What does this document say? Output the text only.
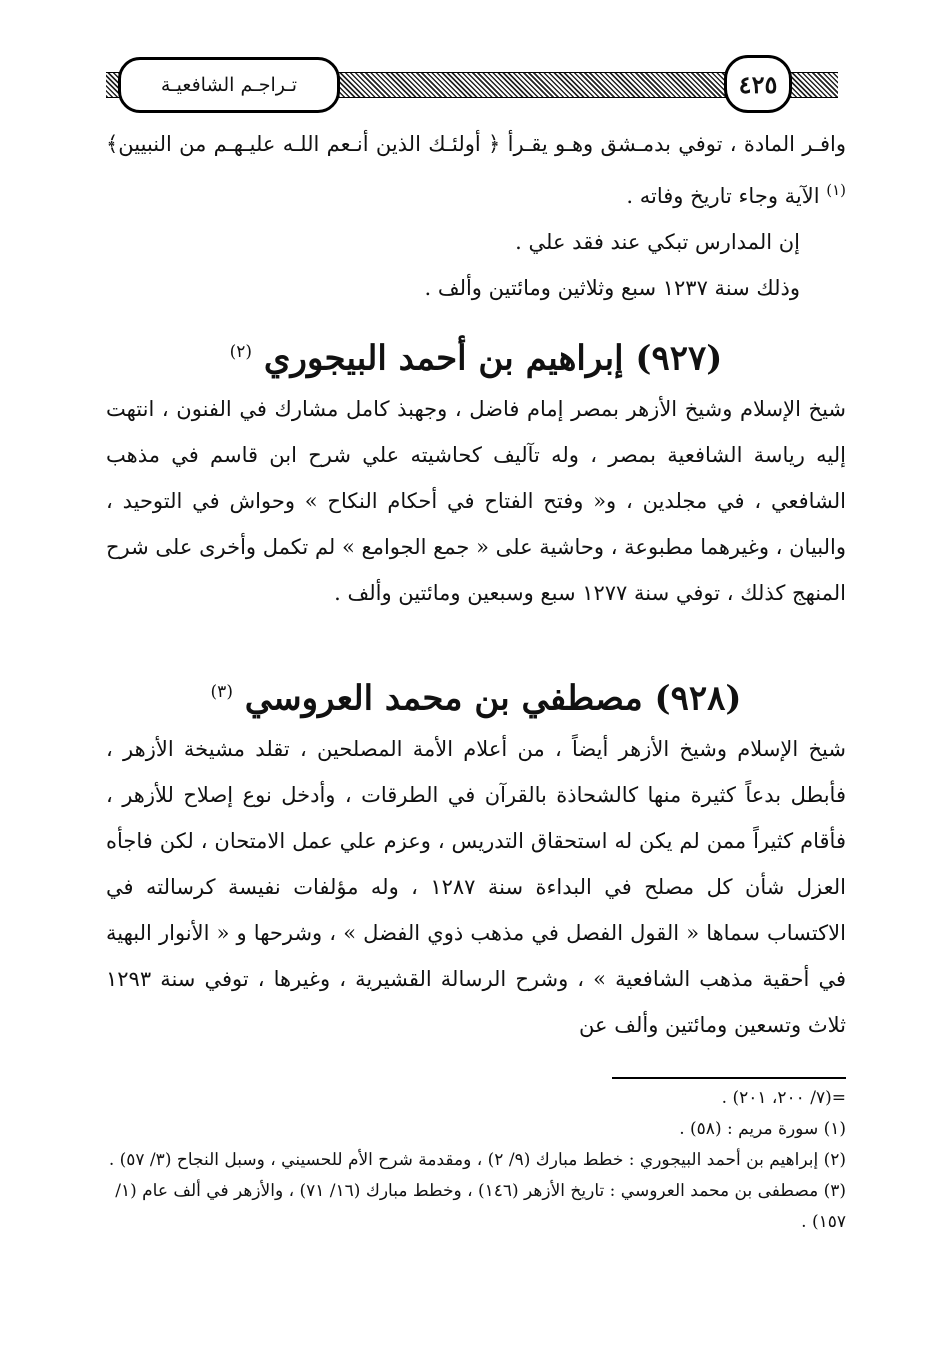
تـراجـم الشافعيـة	٤٢٥

وافـر المادة ، توفي بدمـشق وهـو يقـرأ ﴿ أولئـك الذين أنـعم اللـه عليـهـم من النبيين﴾$^{(١)}$ الآية وجاء تاريخ وفاته .

إن المدارس تبكي عند فقد علي .

وذلك سنة ١٢٣٧ سبع وثلاثين ومائتين وألف .

(٩٢٧) إبراهيم بن أحمد البيجوري $^{(٢)}$

شيخ الإسلام وشيخ الأزهر بمصر إمام فاضل ، وجهبذ كامل مشارك في الفنون ، انتهت إليه رياسة الشافعية بمصر ، وله تآليف كحاشيته علي شرح ابن قاسم في مذهب الشافعي ، في مجلدين ، و« وفتح الفتاح في أحكام النكاح » وحواش في التوحيد ، والبيان ، وغيرهما مطبوعة ، وحاشية على « جمع الجوامع » لم تكمل وأخرى على شرح المنهج كذلك ، توفي سنة ١٢٧٧ سبع وسبعين ومائتين وألف .

(٩٢٨) مصطفي بن محمد العروسي $^{(٣)}$

شيخ الإسلام وشيخ الأزهر أيضاً ، من أعلام الأمة المصلحين ، تقلد مشيخة الأزهر ، فأبطل بدعاً كثيرة منها كالشحاذة بالقرآن في الطرقات ، وأدخل نوع إصلاح للأزهر ، فأقام كثيراً ممن لم يكن له استحقاق التدريس ، وعزم علي عمل الامتحان ، لكن فاجأه العزل شأن كل مصلح في البداءة سنة ١٢٨٧ ، وله مؤلفات نفيسة كرسالته في الاكتساب سماها « القول الفصل في مذهب ذوي الفضل » ، وشرحها و « الأنوار البهية في أحقية مذهب الشافعية » ، وشرح الرسالة القشيرية ، وغيرها ، توفي سنة ١٢٩٣ ثلاث وتسعين ومائتين وألف عن

=(٧/ ٢٠٠، ٢٠١) .

(١) سورة مريم : (٥٨) .

(٢) إبراهيم بن أحمد البيجوري : خطط مبارك (٩/ ٢) ، ومقدمة شرح الأم للحسيني ، وسبل النجاح (٣/ ٥٧) .

(٣) مصطفى بن محمد العروسي : تاريخ الأزهر (١٤٦) ، وخطط مبارك (١٦/ ٧١) ، والأزهر في ألف عام (١/ ١٥٧) .
